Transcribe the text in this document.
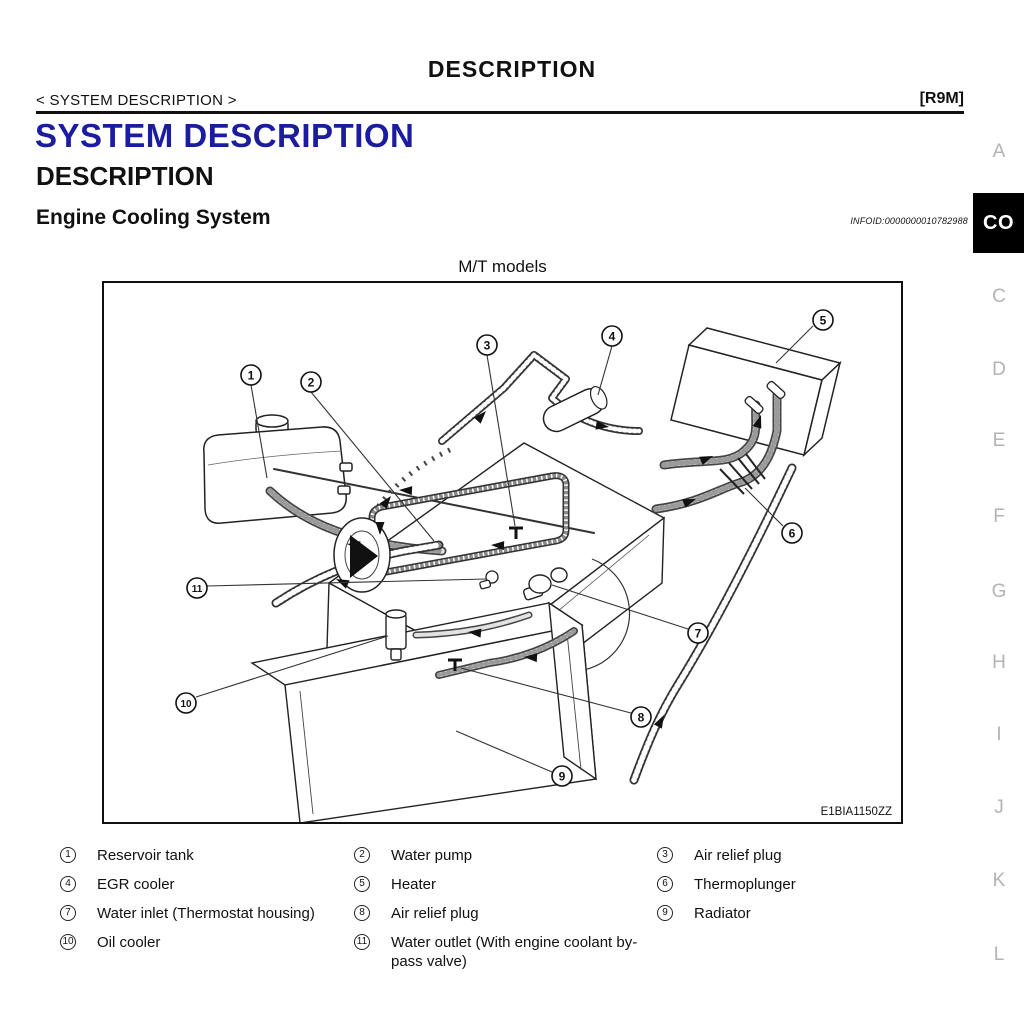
DESCRIPTION
< SYSTEM DESCRIPTION >	[R9M]
SYSTEM DESCRIPTION
DESCRIPTION
Engine Cooling System	INFOID:0000000010782988 CO
A
C
D
E
F
G
H
I
J
K
L
M/T models
1	2
3
4
5
6
7
8
9
10
11
E1BIA1150ZZ
1	Reservoir tank	2	Water pump	3	Air relief plug
4	EGR cooler	5	Heater	6	Thermoplunger
7	Water inlet (Thermostat housing)	8	Air relief plug	9	Radiator
10 Oil cooler	11 Water outlet (With engine coolant by-pass valve)
